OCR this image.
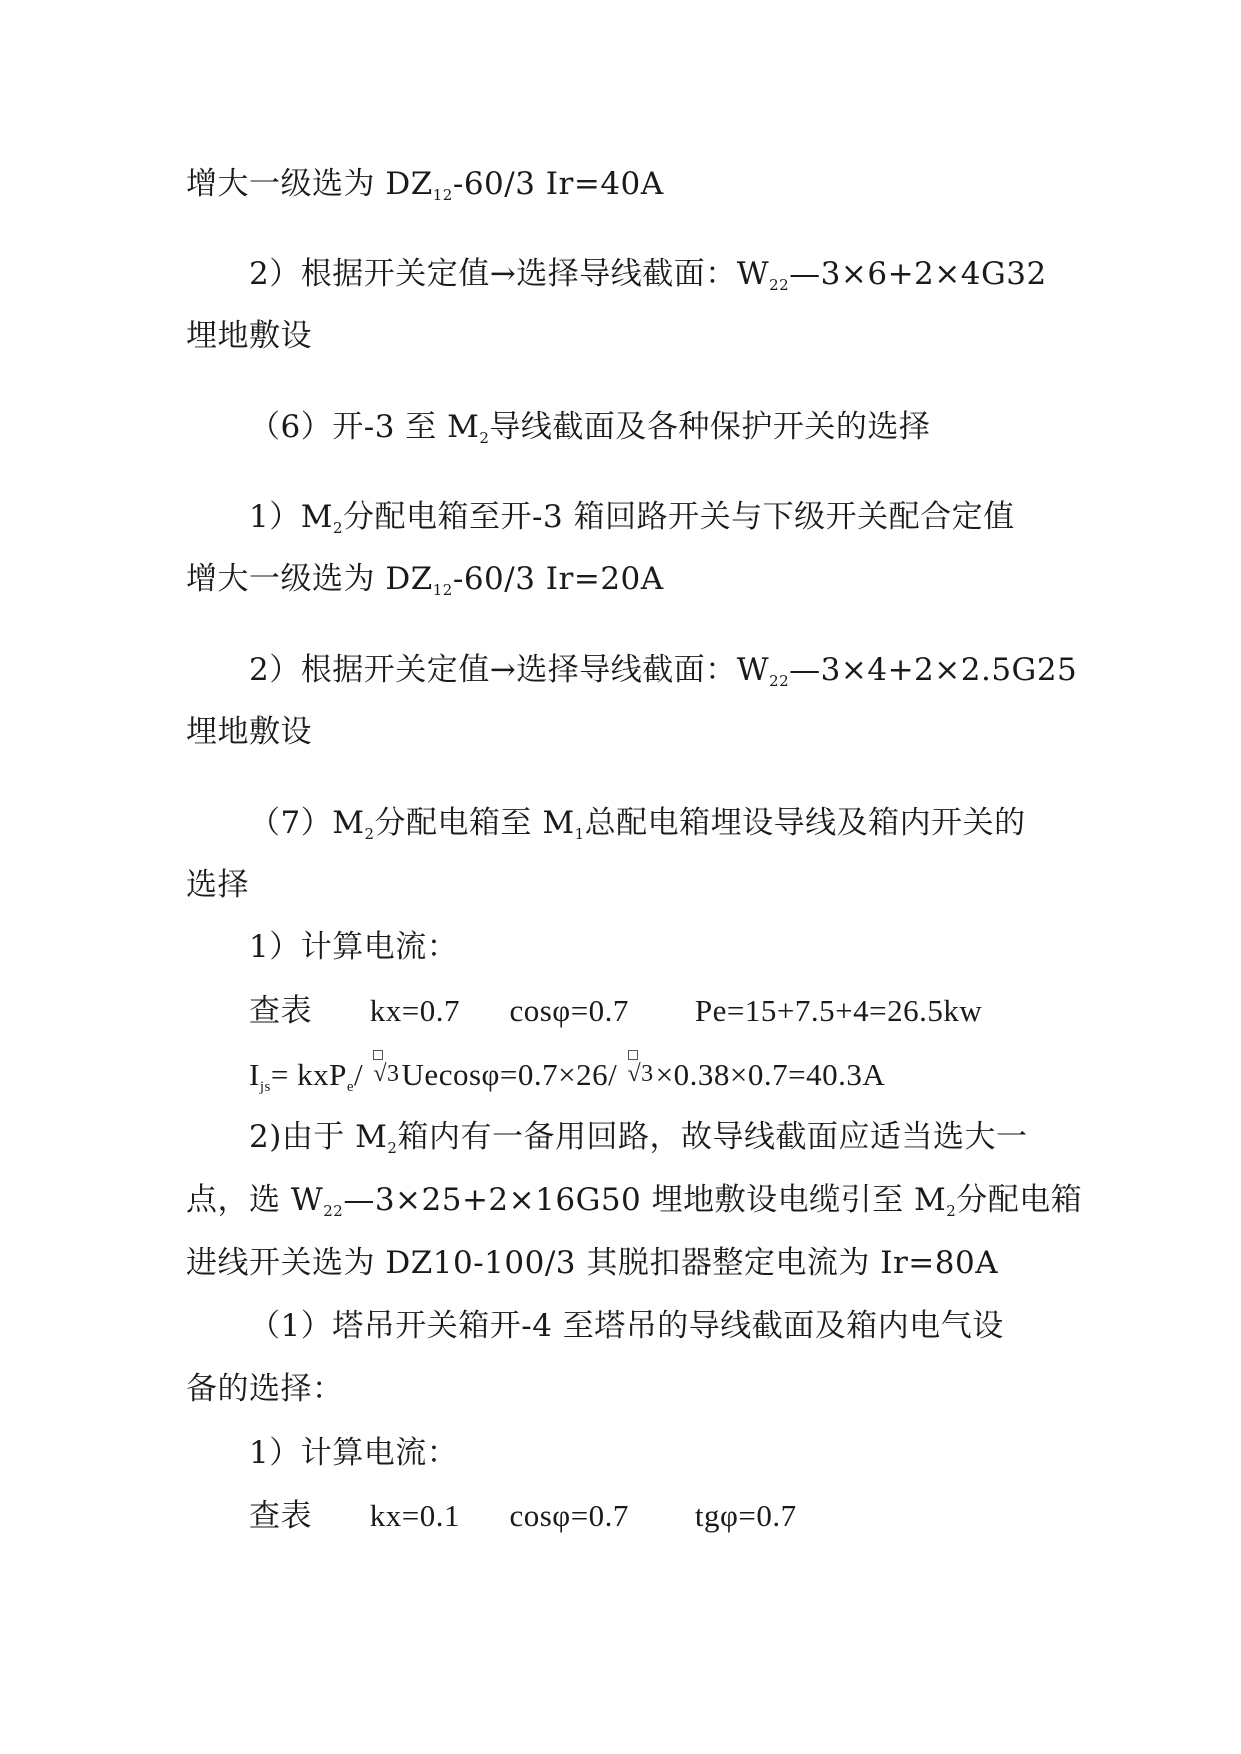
增大一级选为 $DZ_{12}-60/3$ Ir=40A
2）根据开关定值→选择导线截面：$W_{22}—3\times 6+2\times 4G32$
埋地敷设
（6）开-3 至 $M_2$导线截面及各种保护开关的选择
$1)M_2$分配电箱至开-3 箱回路开关与下级开关配合定值
增大一级选为 $DZ_{12}-60/3$ Ir=20A
2）根据开关定值→选择导线截面：$W_{22}—3\times 4+2\times 2.5G25$
埋地敷设
$(7)M_2$分配电箱至 $M_1$总配电箱埋设导线及箱内开关的
选择
1）计算电流：
查表       kx=0.7      cosφ=0.7        Pe=15+7.5+4=26.5kw
$I_{js}= kxP_e/$ √3Uecosφ=0.7×26/ √3×0.38×0.7=40.3A
2)由于 $M_2$箱内有一备用回路，故导线截面应适当选大一
点，选 $W_{22}—3\times 25+2\times 16G50$ 埋地敷设电缆引至 $M_2$分配电箱
进线开关选为 DZ10-100/3 其脱扣器整定电流为 Ir=80A
（1）塔吊开关箱开-4 至塔吊的导线截面及箱内电气设
备的选择：
1）计算电流：
查表       kx=0.1      cosφ=0.7        tgφ=0.7
